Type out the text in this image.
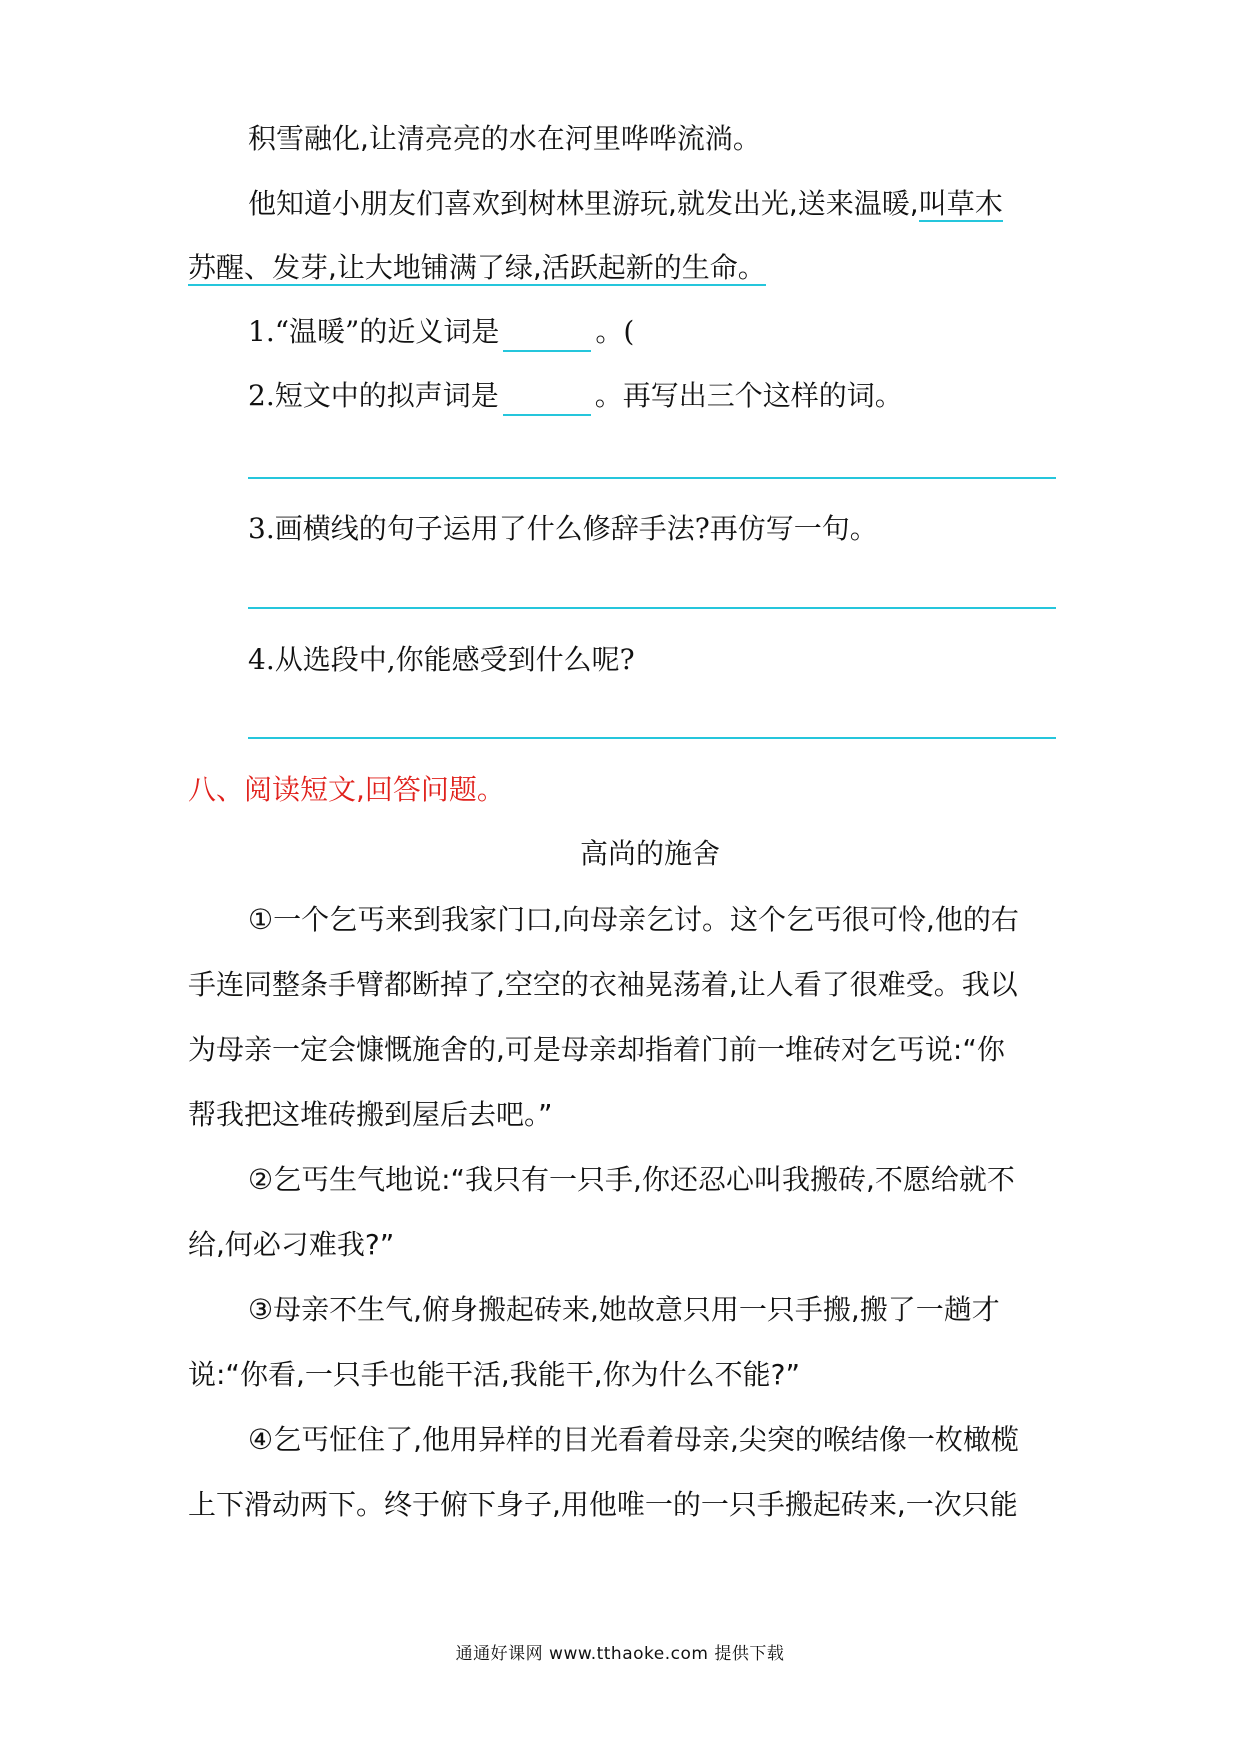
积雪融化,让清亮亮的水在河里哗哗流淌。
他知道小朋友们喜欢到树林里游玩,就发出光,送来温暖,叫草木
苏醒、发芽,让大地铺满了绿,活跃起新的生命。
1.“温暖”的近义词是	。(
2.短文中的拟声词是	。再写出三个这样的词。
3.画横线的句子运用了什么修辞手法?再仿写一句。
4.从选段中,你能感受到什么呢?
八、阅读短文,回答问题。
高尚的施舍
①一个乞丐来到我家门口,向母亲乞讨。这个乞丐很可怜,他的右
手连同整条手臂都断掉了,空空的衣袖晃荡着,让人看了很难受。我以
为母亲一定会慷慨施舍的,可是母亲却指着门前一堆砖对乞丐说:“你
帮我把这堆砖搬到屋后去吧。”
②乞丐生气地说:“我只有一只手,你还忍心叫我搬砖,不愿给就不
给,何必刁难我?”
③母亲不生气,俯身搬起砖来,她故意只用一只手搬,搬了一趟才
说:“你看,一只手也能干活,我能干,你为什么不能?”
④乞丐怔住了,他用异样的目光看着母亲,尖突的喉结像一枚橄榄
上下滑动两下。终于俯下身子,用他唯一的一只手搬起砖来,一次只能
通通好课网 www.tthaoke.com 提供下载
